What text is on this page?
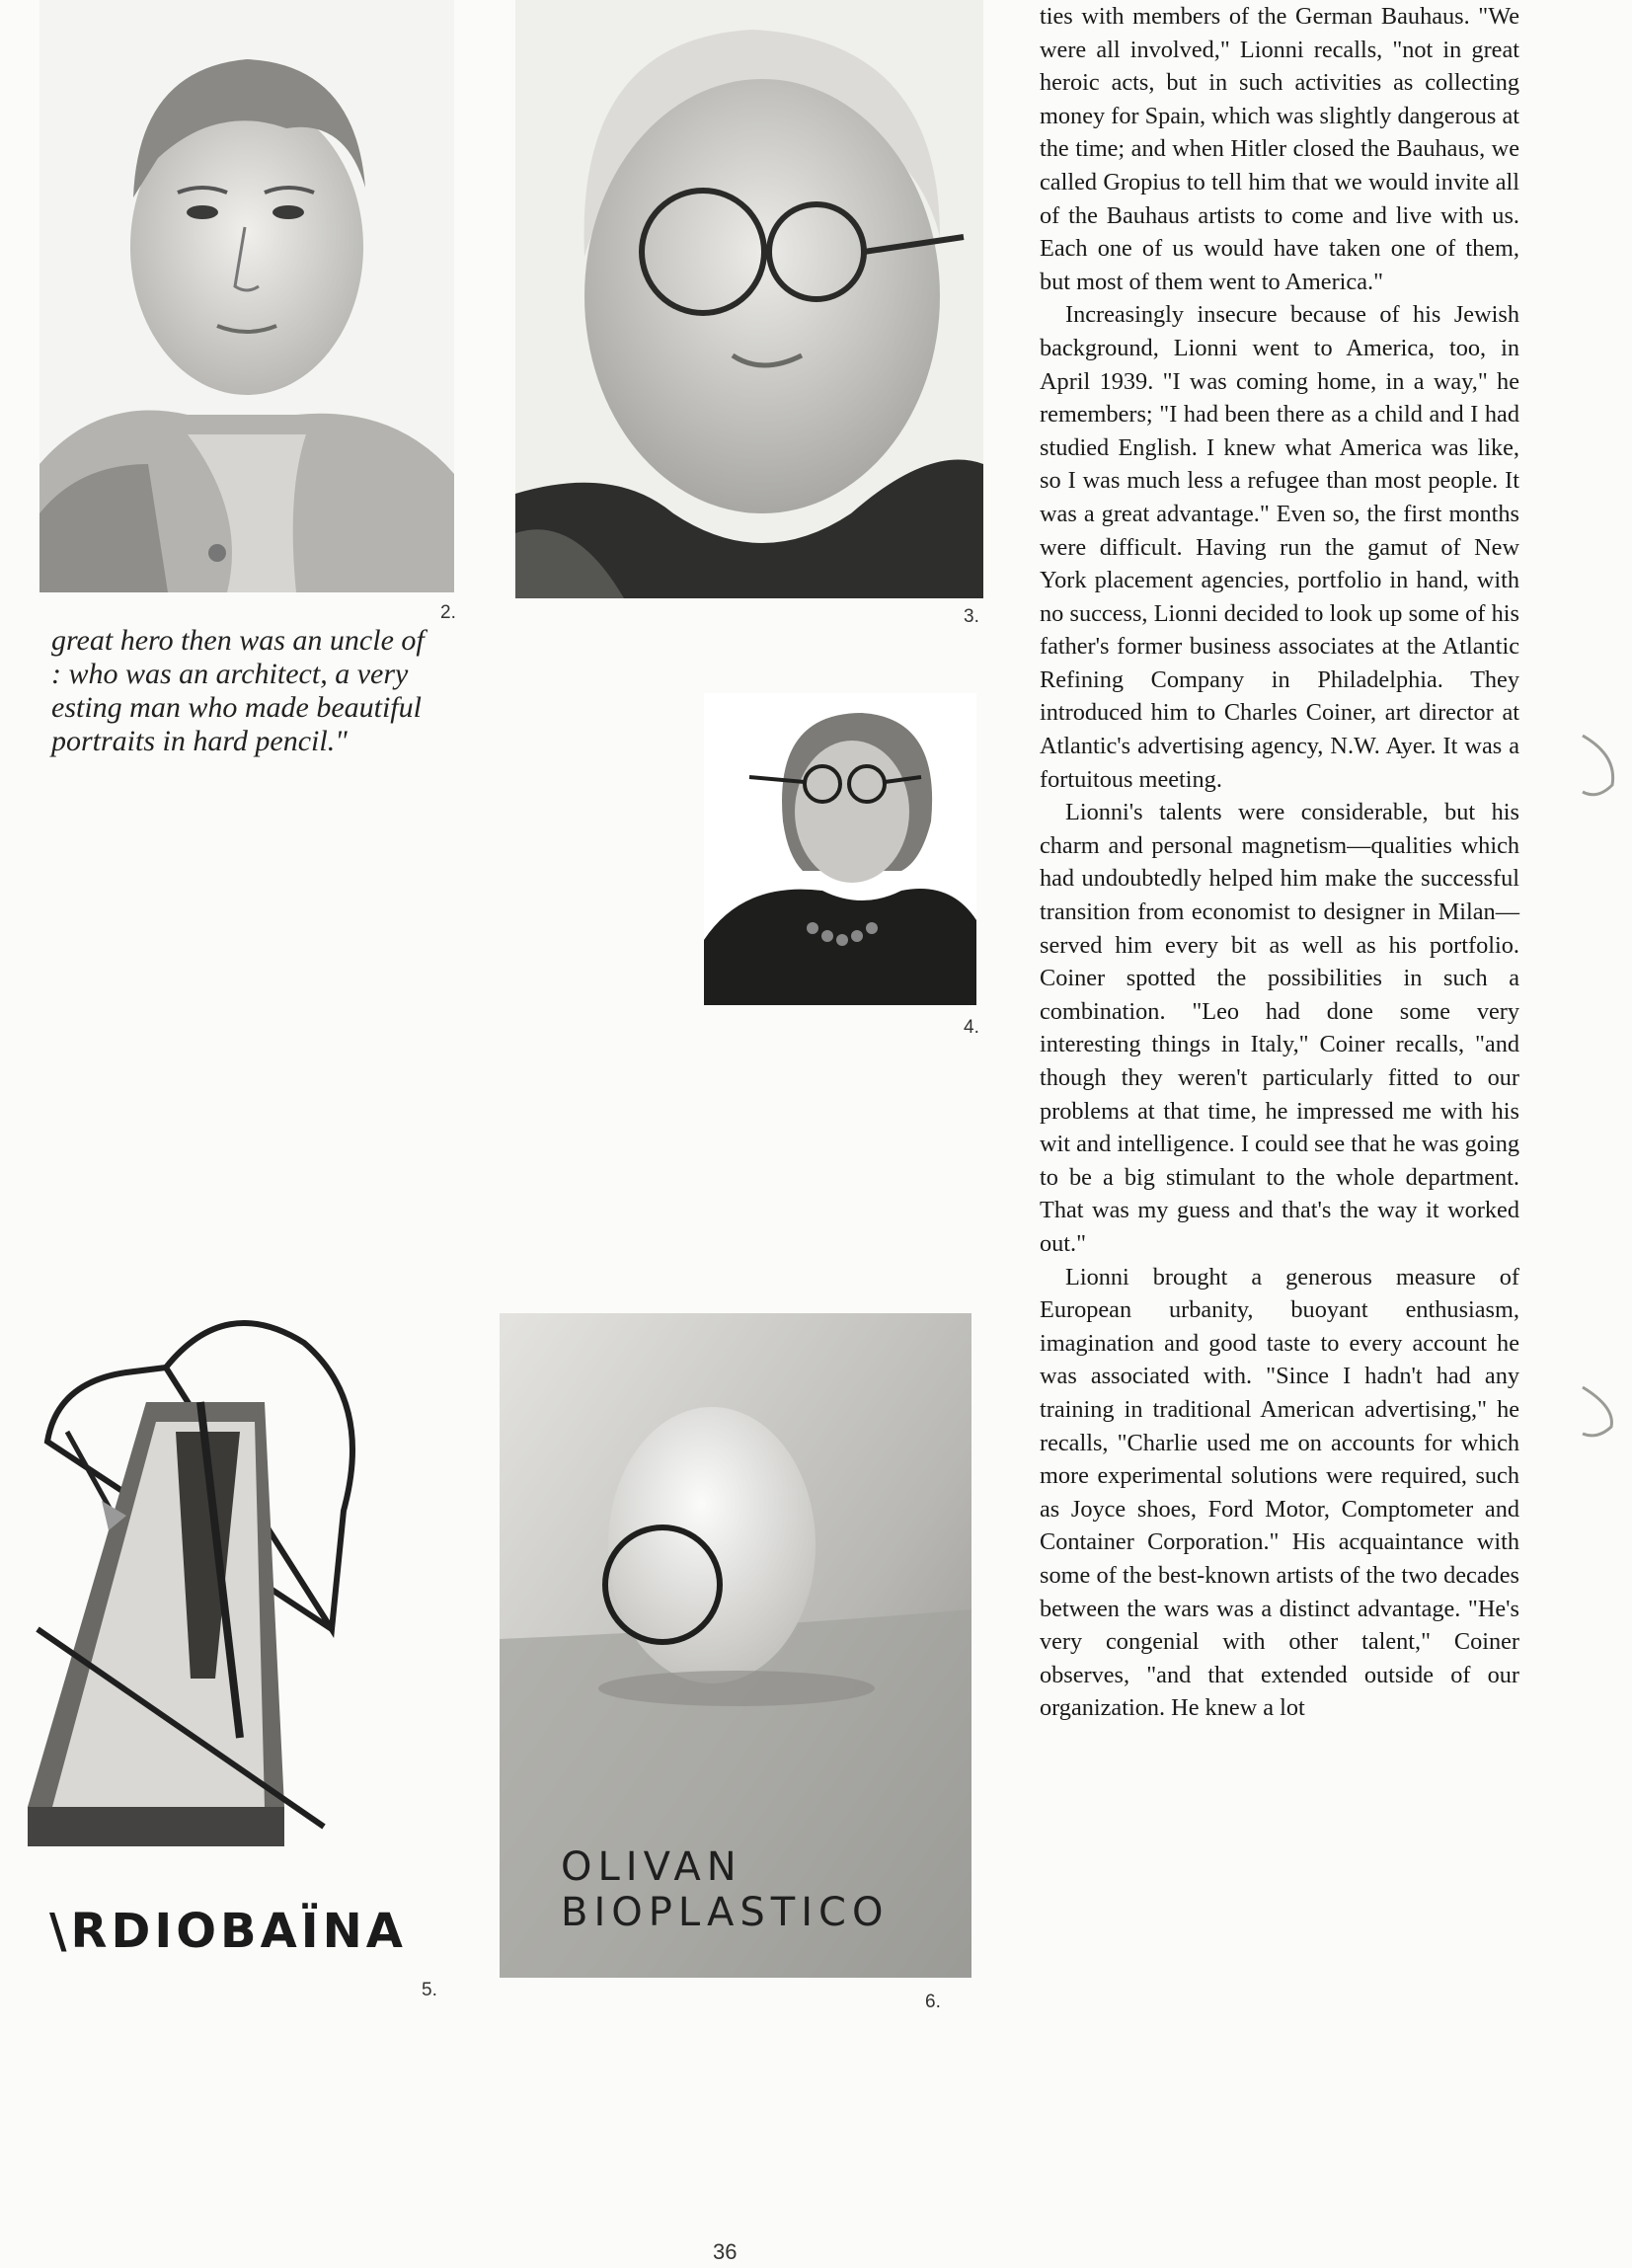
2.	3.
great hero then was an uncle of
: who was an architect, a very
esting man who made beautiful
portraits in hard pencil."
4.
\RDIOBAÏNA
5.
OLIVAN
BIOPLASTICO
6.

ties with members of the German Bauhaus. "We were all involved," Lionni recalls, "not in great heroic acts, but in such activities as collecting money for Spain, which was slightly dangerous at the time; and when Hitler closed the Bauhaus, we called Gropius to tell him that we would invite all of the Bauhaus artists to come and live with us. Each one of us would have taken one of them, but most of them went to America."

Increasingly insecure because of his Jewish background, Lionni went to America, too, in April 1939. "I was coming home, in a way," he remembers; "I had been there as a child and I had studied English. I knew what America was like, so I was much less a refugee than most people. It was a great advantage." Even so, the first months were difficult. Having run the gamut of New York placement agencies, portfolio in hand, with no success, Lionni decided to look up some of his father's former business associates at the Atlantic Refining Company in Philadelphia. They introduced him to Charles Coiner, art director at Atlantic's advertising agency, N.W. Ayer. It was a fortuitous meeting.

Lionni's talents were considerable, but his charm and personal magnetism—qualities which had undoubtedly helped him make the successful transition from economist to designer in Milan—served him every bit as well as his portfolio. Coiner spotted the possibilities in such a combination. "Leo had done some very interesting things in Italy," Coiner recalls, "and though they weren't particularly fitted to our problems at that time, he impressed me with his wit and intelligence. I could see that he was going to be a big stimulant to the whole department. That was my guess and that's the way it worked out."

Lionni brought a generous measure of European urbanity, buoyant enthusiasm, imagination and good taste to every account he was associated with. "Since I hadn't had any training in traditional American advertising," he recalls, "Charlie used me on accounts for which more experimental solutions were required, such as Joyce shoes, Ford Motor, Comptometer and Container Corporation." His acquaintance with some of the best-known artists of the two decades between the wars was a distinct advantage. "He's very congenial with other talent," Coiner observes, "and that extended outside of our organization. He knew a lot

36
